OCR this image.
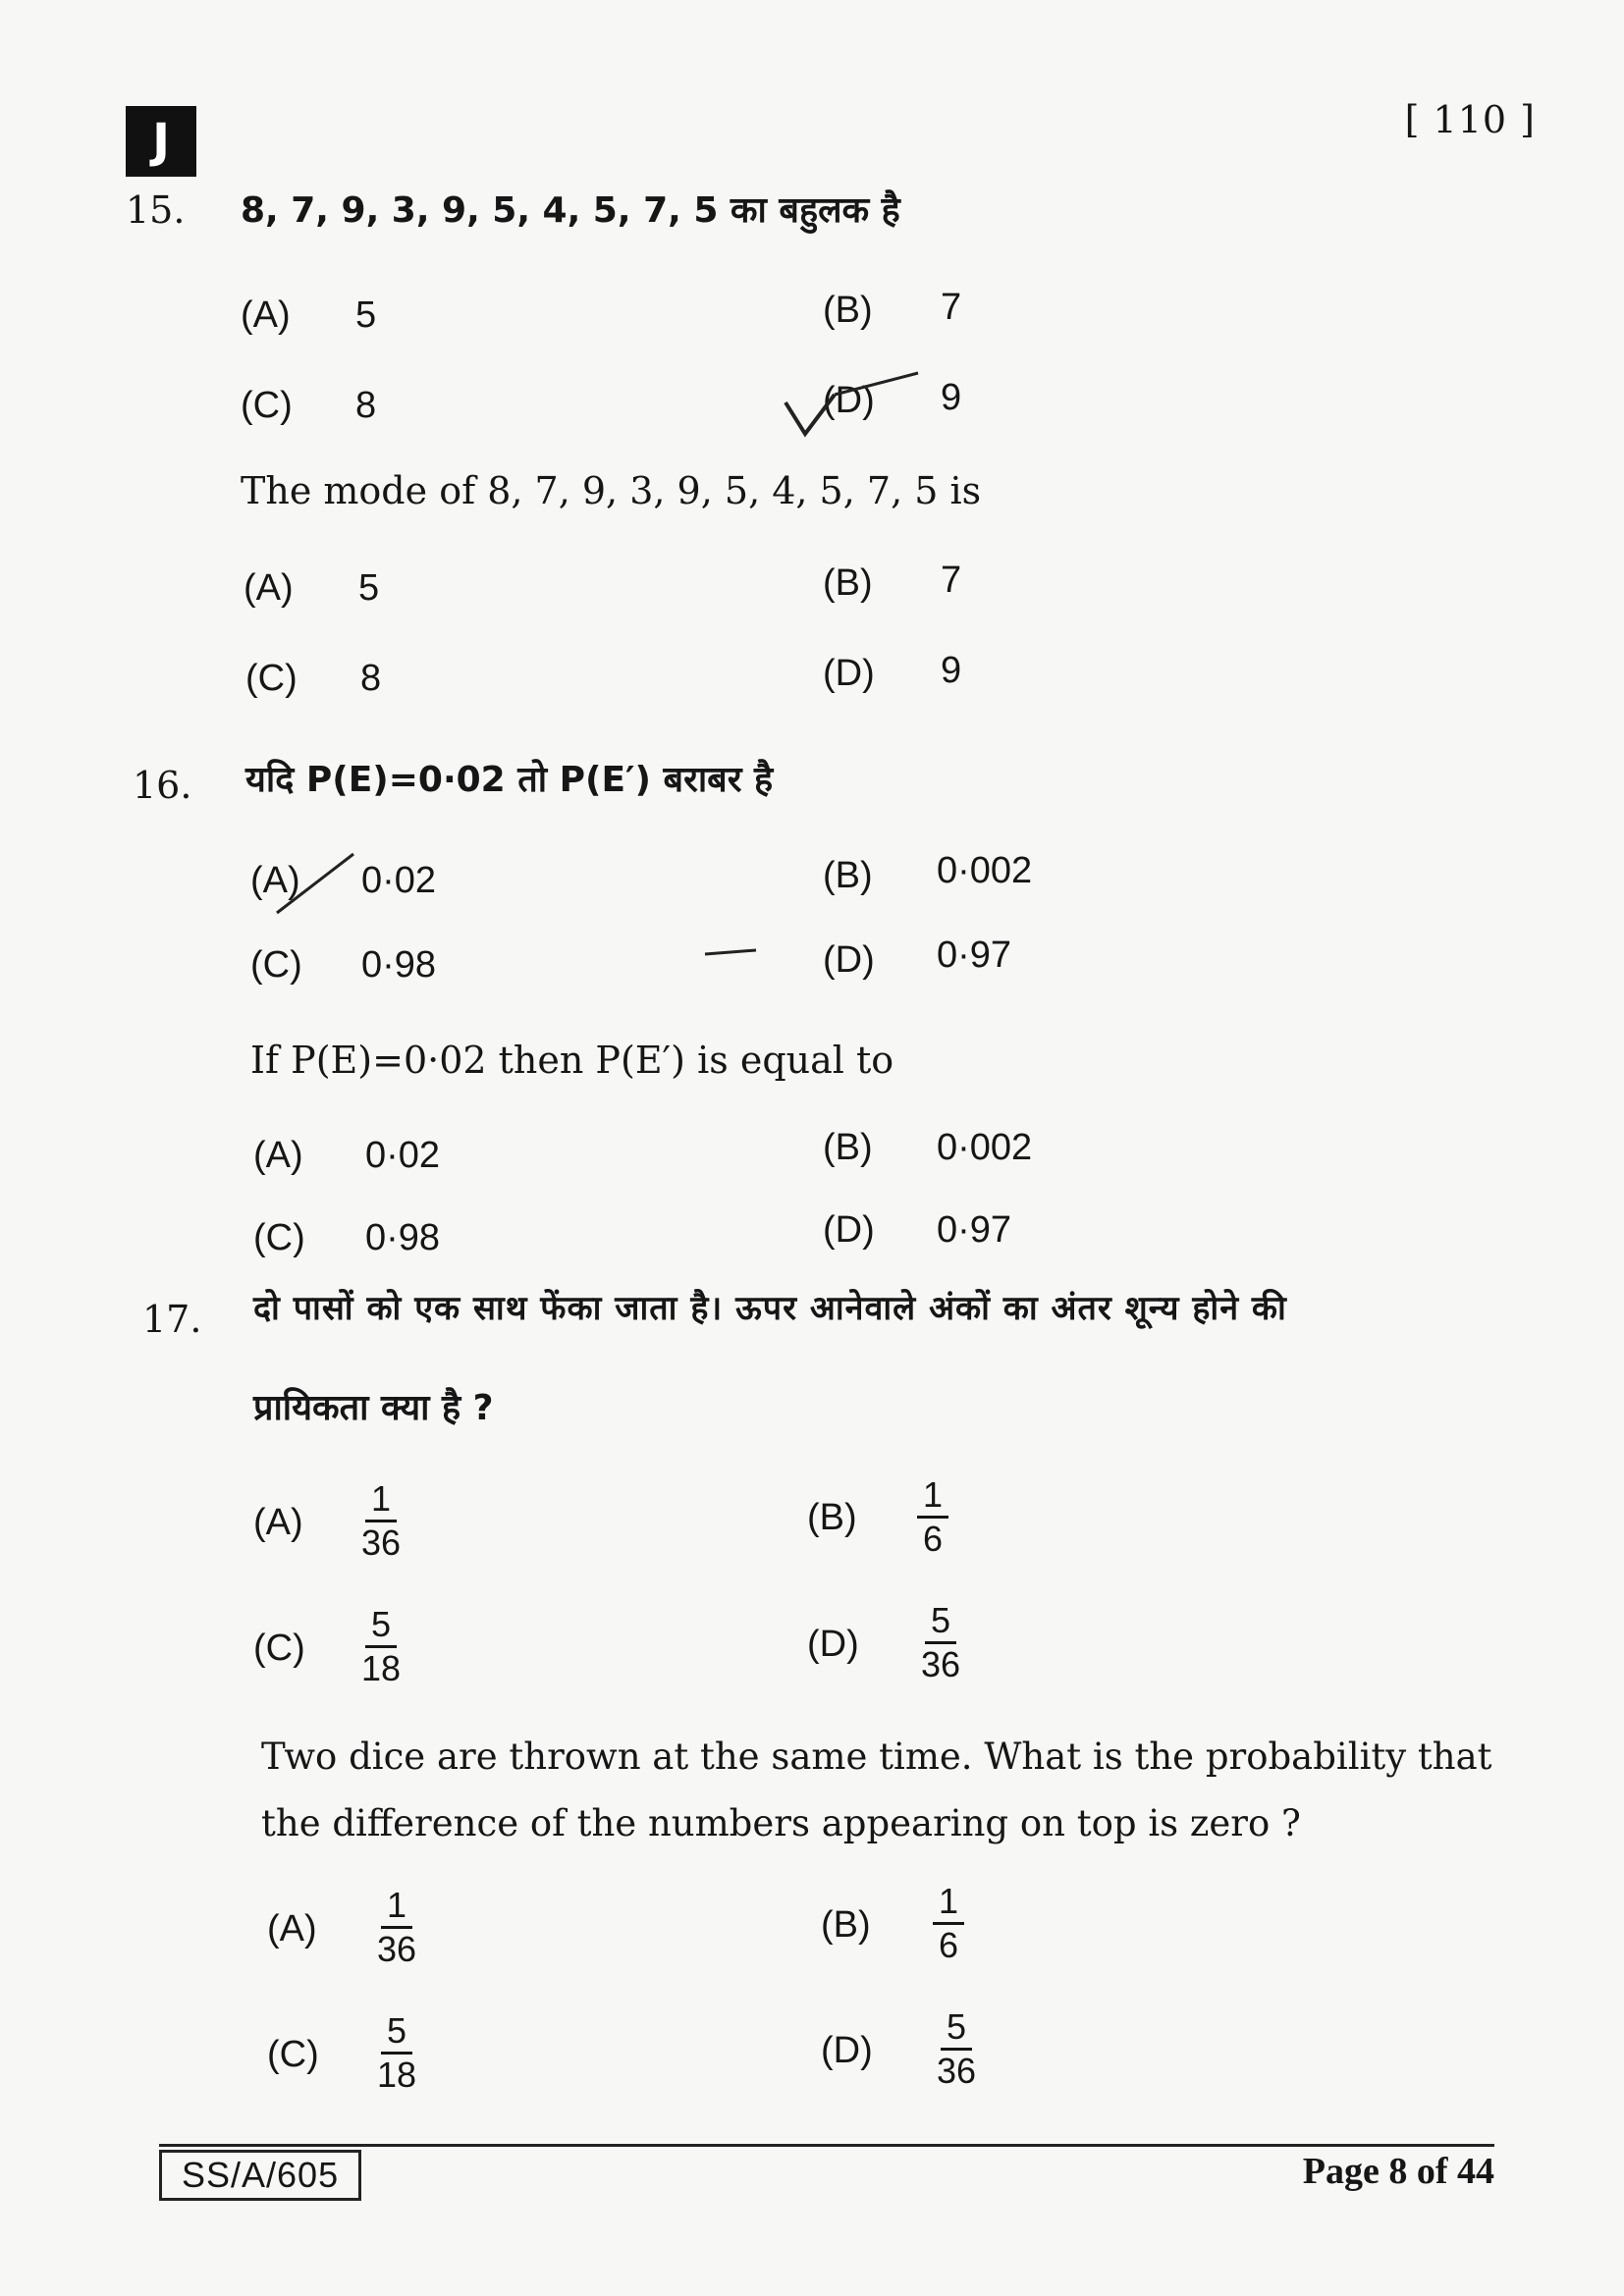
J	[ 110 ]
15. 8, 7, 9, 3, 9, 5, 4, 5, 7, 5 का बहुलक है
(A) 5	(B) 7
(C) 8	(D) 9
The mode of 8, 7, 9, 3, 9, 5, 4, 5, 7, 5 is
(A) 5	(B) 7
(C) 8	(D) 9
16. यदि P(E)=0·02 तो P(E′) बराबर है
(A) 0·02	(B) 0·002
(C) 0·98	(D) 0·97
If P(E)=0·02 then P(E′) is equal to
(A) 0·02	(B) 0·002
(C) 0·98	(D) 0·97
17. दो पासों को एक साथ फेंका जाता है। ऊपर आनेवाले अंकों का अंतर शून्य होने की
प्रायिकता क्या है ?
$(A) \frac{1}{36}$	$(B) \frac{1}{6}$
$(C) \frac{5}{18}$	$(D) \frac{5}{36}$
Two dice are thrown at the same time. What is the probability that
the difference of the numbers appearing on top is zero ?
$(A) \frac{1}{36}$	$(B) \frac{1}{6}$
$(C) \frac{5}{18}$	$(D) \frac{5}{36}$
SS/A/605	Page 8 of 44
